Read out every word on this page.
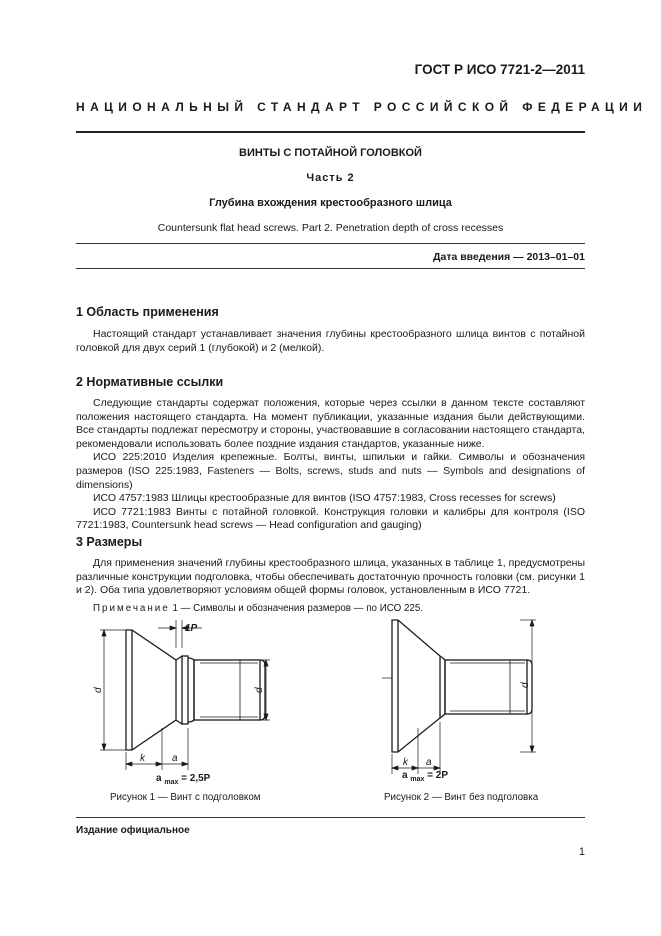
ГОСТ Р ИСО 7721-2—2011
НАЦИОНАЛЬНЫЙ СТАНДАРТ РОССИЙСКОЙ ФЕДЕРАЦИИ
ВИНТЫ С ПОТАЙНОЙ ГОЛОВКОЙ
Часть 2
Глубина вхождения крестообразного шлица
Countersunk flat head screws. Part 2. Penetration depth of cross recesses
Дата введения — 2013–01–01
1 Область применения

Настоящий стандарт устанавливает значения глубины крестообразного шлица винтов с потайной головкой для двух серий 1 (глубокой) и 2 (мелкой).

2 Нормативные ссылки

Следующие стандарты содержат положения, которые через ссылки в данном тексте составляют положения настоящего стандарта. На момент публикации, указанные издания были действующими. Все стандарты подлежат пересмотру и стороны, участвовавшие в согласовании настоящего стандарта, рекомендовали использовать более поздние издания стандартов, указанные ниже.

ИСО 225:2010 Изделия крепежные. Болты, винты, шпильки и гайки. Символы и обозначения размеров (ISO 225:1983, Fasteners — Bolts, screws, studs and nuts — Symbols and designations of dimensions)

ИСО 4757:1983 Шлицы крестообразные для винтов (ISO 4757:1983, Cross recesses for screws)

ИСО 7721:1983 Винты с потайной головкой. Конструкция головки и калибры для контроля (ISO 7721:1983, Countersunk head screws — Head configuration and gauging)

3 Размеры

Для применения значений глубины крестообразного шлица, указанных в таблице 1, предусмотрены различные конструкции подголовка, чтобы обеспечивать достаточную прочность головки (см. рисунки 1 и 2). Оба типа удовлетворяют условиям общей формы головок, установленным в ИСО 7721.

Примечание 1 — Символы и обозначения размеров — по ИСО 225.
1P
d	d
k	a
a $_{max}$ = 2,5P
Рисунок 1 — Винт с подголовком
d
k a
a $_{max}$ = 2P
Рисунок 2 — Винт без подголовка
Издание официальное
1
